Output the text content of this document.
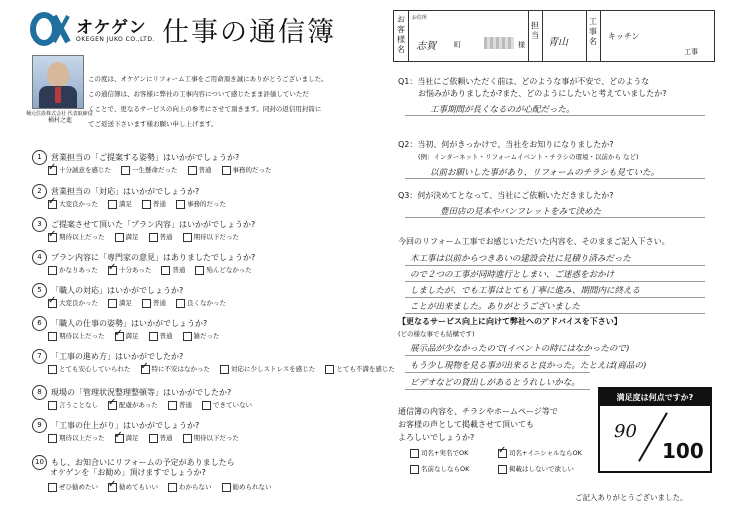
オケゲン
OKEGEN JUKO CO.,LTD. 仕事の通信簿
桶元住設株式会社 代表取締役
桶村之進
この度は、オケゲンにリフォーム工事をご用命頂き誠にありがとうございました。
この通信簿は、お客様に弊社の工事内容について感じたまま評価していただ
くことで、更なるサービスの向上の参考にさせて頂きます。同封の返信用封筒に
てご返送下さいます様お願い申し上げます。
1 営業担当の「ご提案する姿勢」はいかがでしょうか?
✓十分誠意を感じた	一生懸命だった	普通	事務的だった
2 営業担当の「対応」はいかがでしょうか?
✓大変良かった	満足	普通	事務的だった
3 ご提案させて頂いた「プラン内容」はいかがでしょうか?
✓期待以上だった	満足	普通	期待以下だった
4 プラン内容に「専門家の意見」はありましたでしょうか?
かなりあった ✓	十分あった	普通	殆んどなかった
5 「職人の対応」はいかがでしょうか?
✓大変良かった	満足	普通	良くなかった
6 「職人の仕事の姿勢」はいかがでしょうか?
期待以上だった ✓	満足	普通	雑だった
7 「工事の進め方」はいかがでしたか?
とても安心していられた ✓	特に不安はなかった	対応に少しストレスを感じた	とても不満を感じた
8 現場の「管理状況整理整頓等」はいかがでしたか?
言うことなし ✓	配慮があった	普通	できていない
9 「工事の仕上がり」はいかがでしょうか?
期待以上だった ✓	満足	普通	期待以下だった
10 もし、お知合いにリフォームの予定がありましたら
オケゲンを「お勧め」頂けますでしょうか?
ぜひ勧めたい ✓	勧めてもいい	わからない	勧められない
お客様名
お住所
志賀	町	様
担当
青山
工事名
キッチン
工事
Q1：当社にご依頼いただく前は、どのような事が不安で、どのような
お悩みがありましたか?また、どのようにしたいと考えていましたか?
工事期間が長くなるのが心配だった。
Q2：当初、何がきっかけで、当社をお知りになりましたか?
(例：インターネット・リフォームイベント・チラシの環境・以前から など)
以前お願いした事があり、リフォームのチラシも見ていた。
Q3：何が決めてとなって、当社にご依頼いただきましたか?
豊田店の見本やパンフレットをみて決めた
今回のリフォーム工事でお感じいただいた内容を、そのままご記入下さい。
木工事は以前からつきあいの建設会社に見積り済みだった
ので２つの工事が同時進行としまい、ご迷惑をおかけ
しましたが、でも工事はとても丁寧に進み、期間内に終える
ことが出来ました。ありがとうございました
【更なるサービス向上に向けて弊社へのアドバイスを下さい】
(どの様な事でも結構です)
展示品が少なかったので(イベントの時にはなかったので)
もう少し現物を見る事が出来ると良かった。たとえば(商品の)
ビデオなどの貸出しがあるとうれしいかな。
通信簿の内容を、チラシやホームページ等で
お客様の声として掲載させて頂いても
よろしいでしょうか?
司名+実名でOK ✓	司名+イニシャルならOK
名前なしならOK	掲載はしないで欲しい
満足度は何点ですか?
90
100
ご記入ありがとうございました。
